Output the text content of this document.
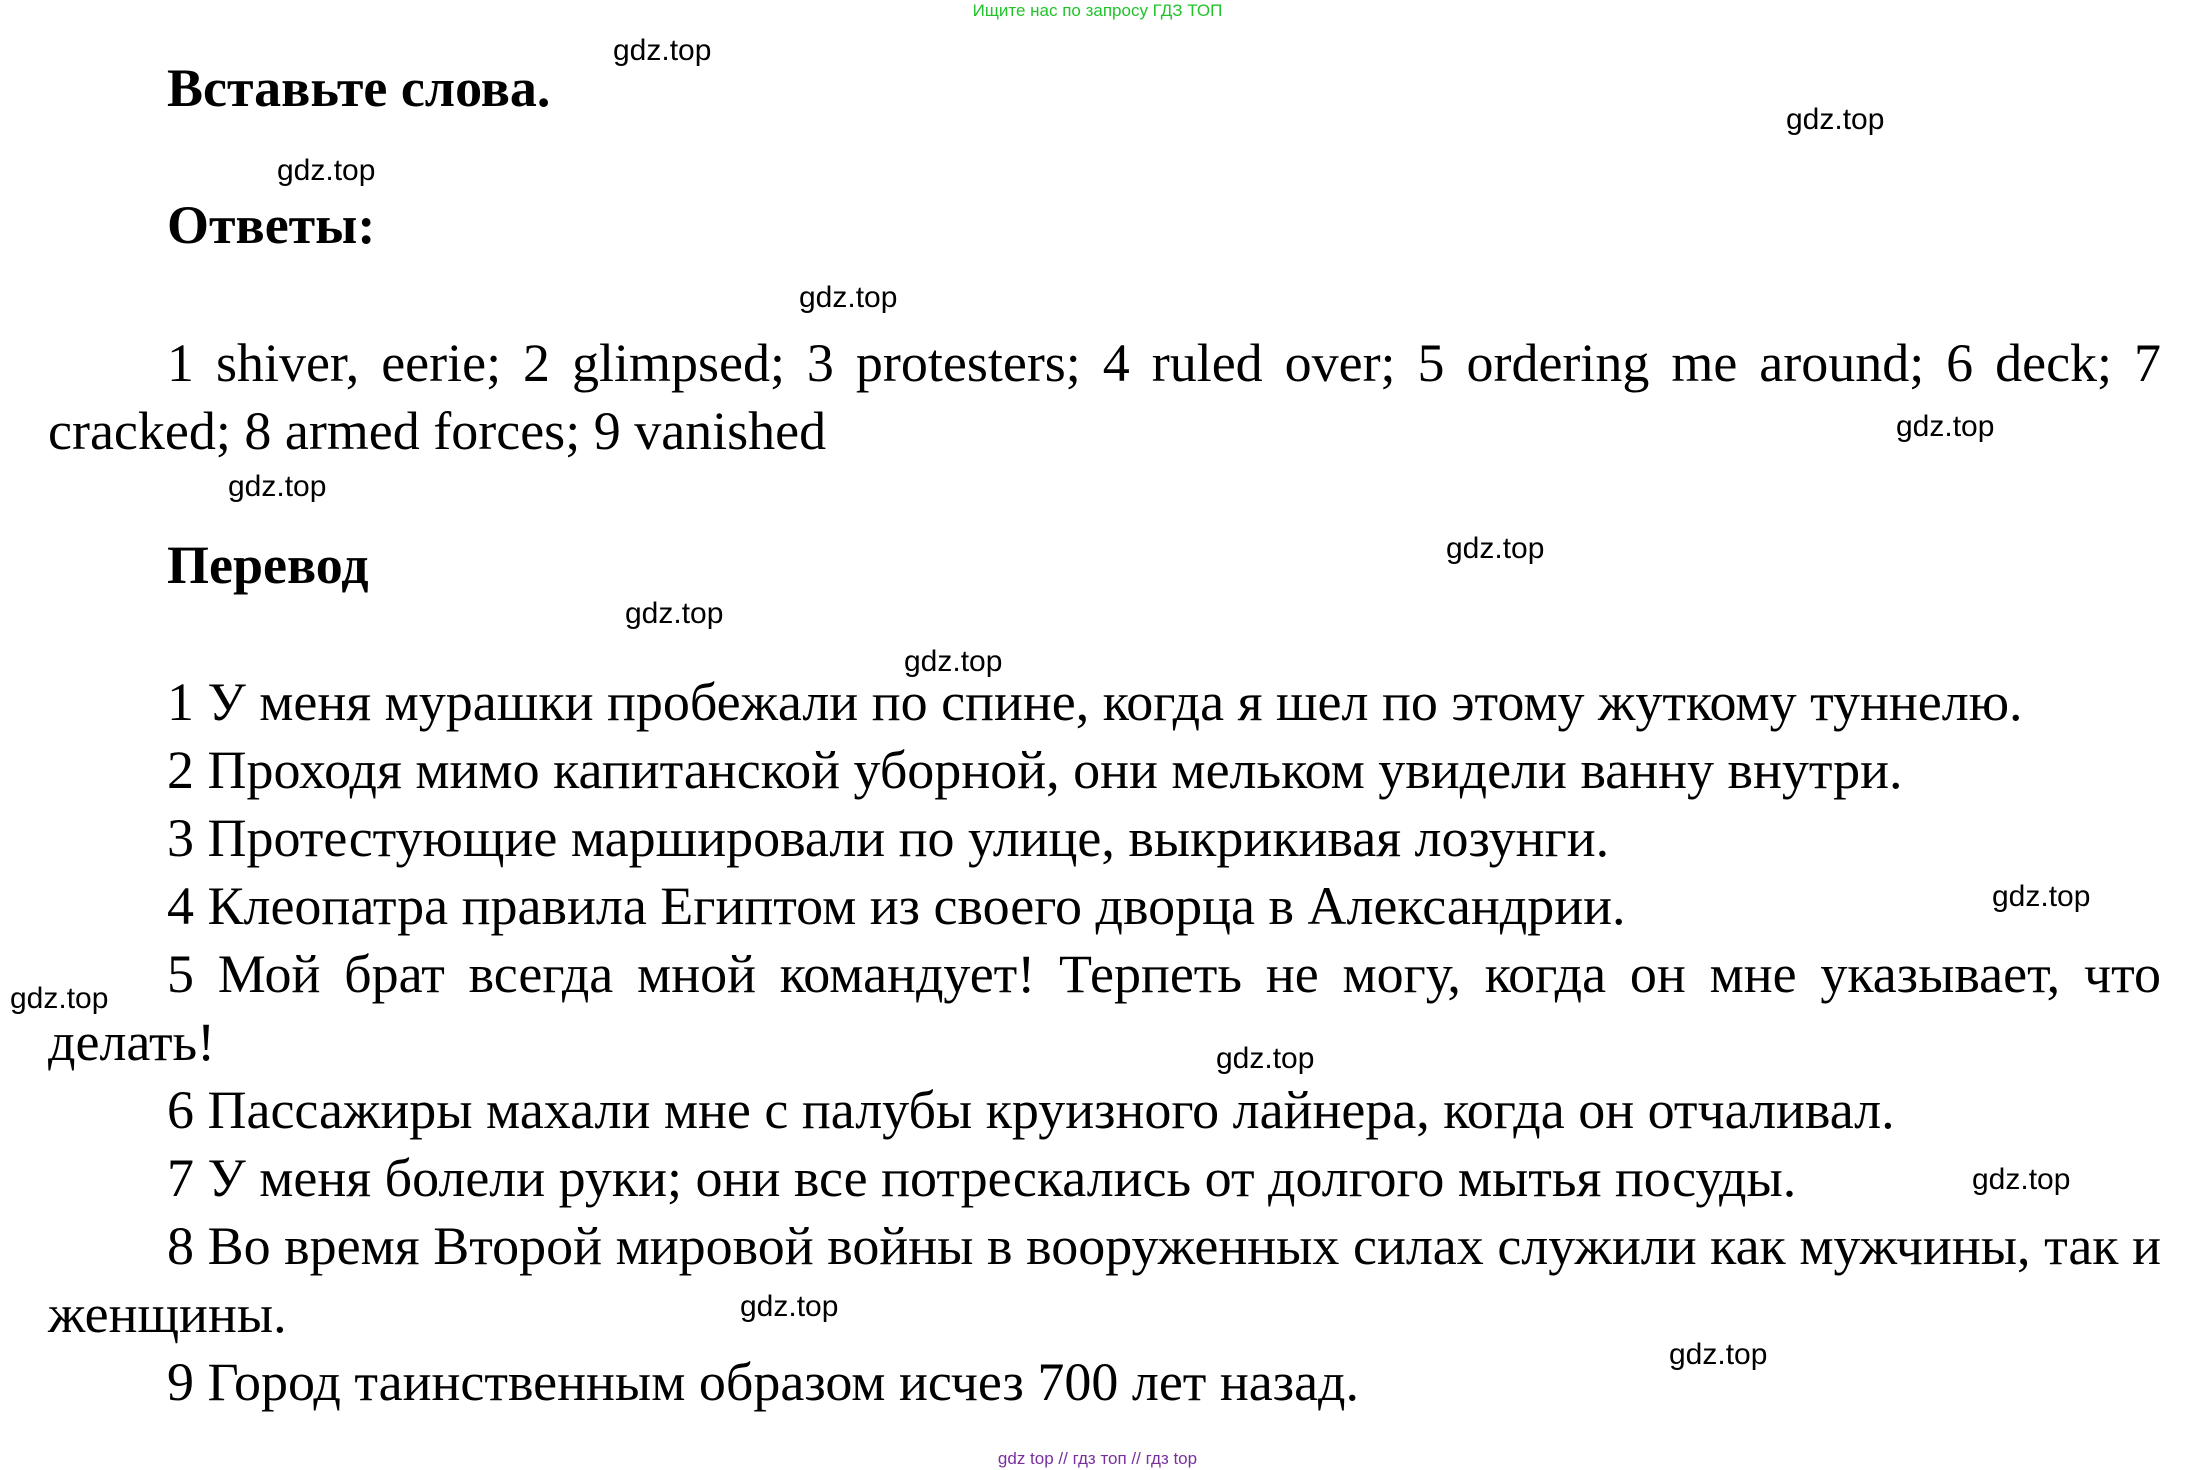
Ищите нас по запросу ГДЗ ТОП
Вставьте слова.
Ответы:

1 shiver, eerie; 2 glimpsed; 3 protesters; 4 ruled over; 5 ordering me around; 6 deck; 7 cracked; 8 armed forces; 9 vanished

Перевод

1 У меня мурашки пробежали по спине, когда я шел по этому жуткому туннелю.

2 Проходя мимо капитанской уборной, они мельком увидели ванну внутри.

3 Протестующие маршировали по улице, выкрикивая лозунги.

4 Клеопатра правила Египтом из своего дворца в Александрии.

5 Мой брат всегда мной командует! Терпеть не могу, когда он мне указывает, что делать!

6 Пассажиры махали мне с палубы круизного лайнера, когда он отчаливал.

7 У меня болели руки; они все потрескались от долгого мытья посуды.

8 Во время Второй мировой войны в вооруженных силах служили как мужчины, так и женщины.

9 Город таинственным образом исчез 700 лет назад.

gdz.top
gdz.top
gdz.top
gdz.top
gdz.top
gdz.top
gdz.top
gdz.top
gdz.top
gdz.top
gdz.top
gdz.top
gdz.top
gdz.top
gdz.top
gdz top // гдз топ // гдз top
